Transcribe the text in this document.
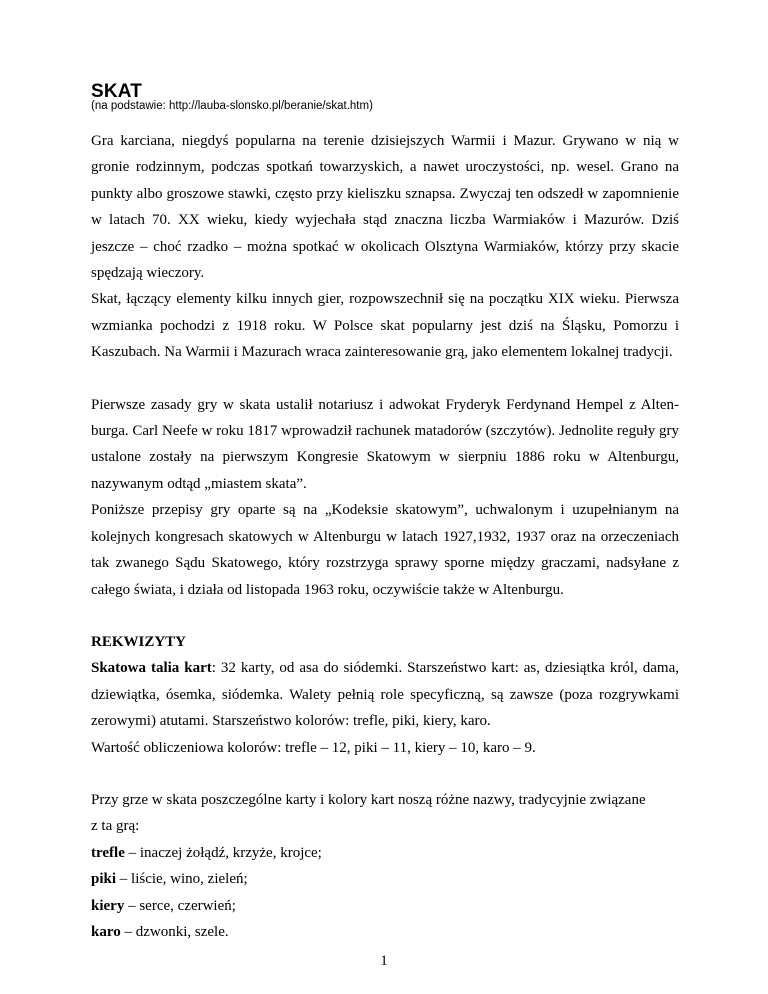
SKAT

(na podstawie: http://lauba-slonsko.pl/beranie/skat.htm)

Gra karciana, niegdyś popularna na terenie dzisiejszych Warmii i Mazur. Grywano w nią w gronie rodzinnym, podczas spotkań towarzyskich, a nawet uroczystości, np. wesel. Grano na punkty albo groszowe stawki, często przy kieliszku sznapsa. Zwyczaj ten odszedł w zapomnienie w latach 70. XX wieku, kiedy wyjechała stąd znaczna liczba Warmiaków i Mazurów. Dziś jeszcze – choć rzadko – można spotkać w okolicach Olsztyna Warmiaków, którzy przy skacie spędzają wieczory.

Skat, łączący elementy kilku innych gier, rozpowszechnił się na początku XIX wieku. Pierwsza wzmianka pochodzi z 1918 roku. W Polsce skat popularny jest dziś na Śląsku, Pomorzu i Kaszubach. Na Warmii i Mazurach wraca zainteresowanie grą, jako elementem lokalnej tradycji.

Pierwsze zasady gry w skata ustalił notariusz i adwokat Fryderyk Ferdynand Hempel z Altenburga. Carl Neefe w roku 1817 wprowadził rachunek matadorów (szczytów). Jednolite reguły gry ustalone zostały na pierwszym Kongresie Skatowym w sierpniu 1886 roku w Altenburgu, nazywanym odtąd „miastem skata”.

Poniższe przepisy gry oparte są na „Kodeksie skatowym”, uchwalonym i uzupełnianym na kolejnych kongresach skatowych w Altenburgu w latach 1927,1932, 1937 oraz na orzeczeniach tak zwanego Sądu Skatowego, który rozstrzyga sprawy sporne między graczami, nadsyłane z całego świata, i działa od listopada 1963 roku, oczywiście także w Altenburgu.

REKWIZYTY

Skatowa talia kart: 32 karty, od asa do siódemki. Starszeństwo kart: as, dziesiątka król, dama, dziewiątka, ósemka, siódemka. Walety pełnią role specyficzną, są zawsze (poza rozgrywkami zerowymi) atutami. Starszeństwo kolorów: trefle, piki, kiery, karo.

Wartość obliczeniowa kolorów: trefle – 12, piki – 11, kiery – 10, karo – 9.

Przy grze w skata poszczególne karty i kolory kart noszą różne nazwy, tradycyjnie związane z ta grą:

trefle – inaczej żołądź, krzyże, krojce;

piki – liście, wino, zieleń;

kiery – serce, czerwień;

karo – dzwonki, szele.

1
